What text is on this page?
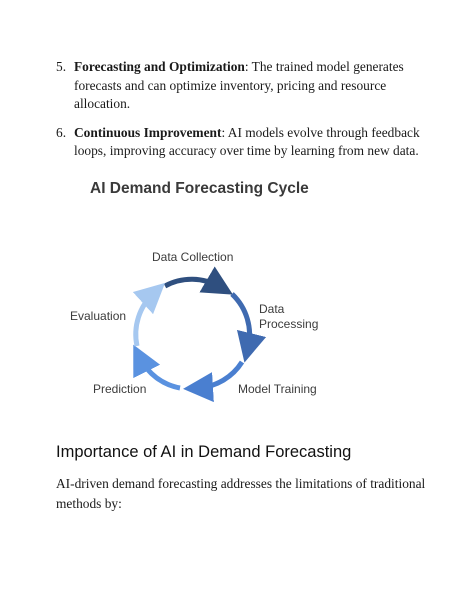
5. Forecasting and Optimization: The trained model generates forecasts and can optimize inventory, pricing and resource allocation.
6. Continuous Improvement: AI models evolve through feedback loops, improving accuracy over time by learning from new data.
AI Demand Forecasting Cycle
Data Collection
Data
Processing
Model Training
Prediction
Evaluation
Importance of AI in Demand Forecasting

AI-driven demand forecasting addresses the limitations of traditional methods by:
